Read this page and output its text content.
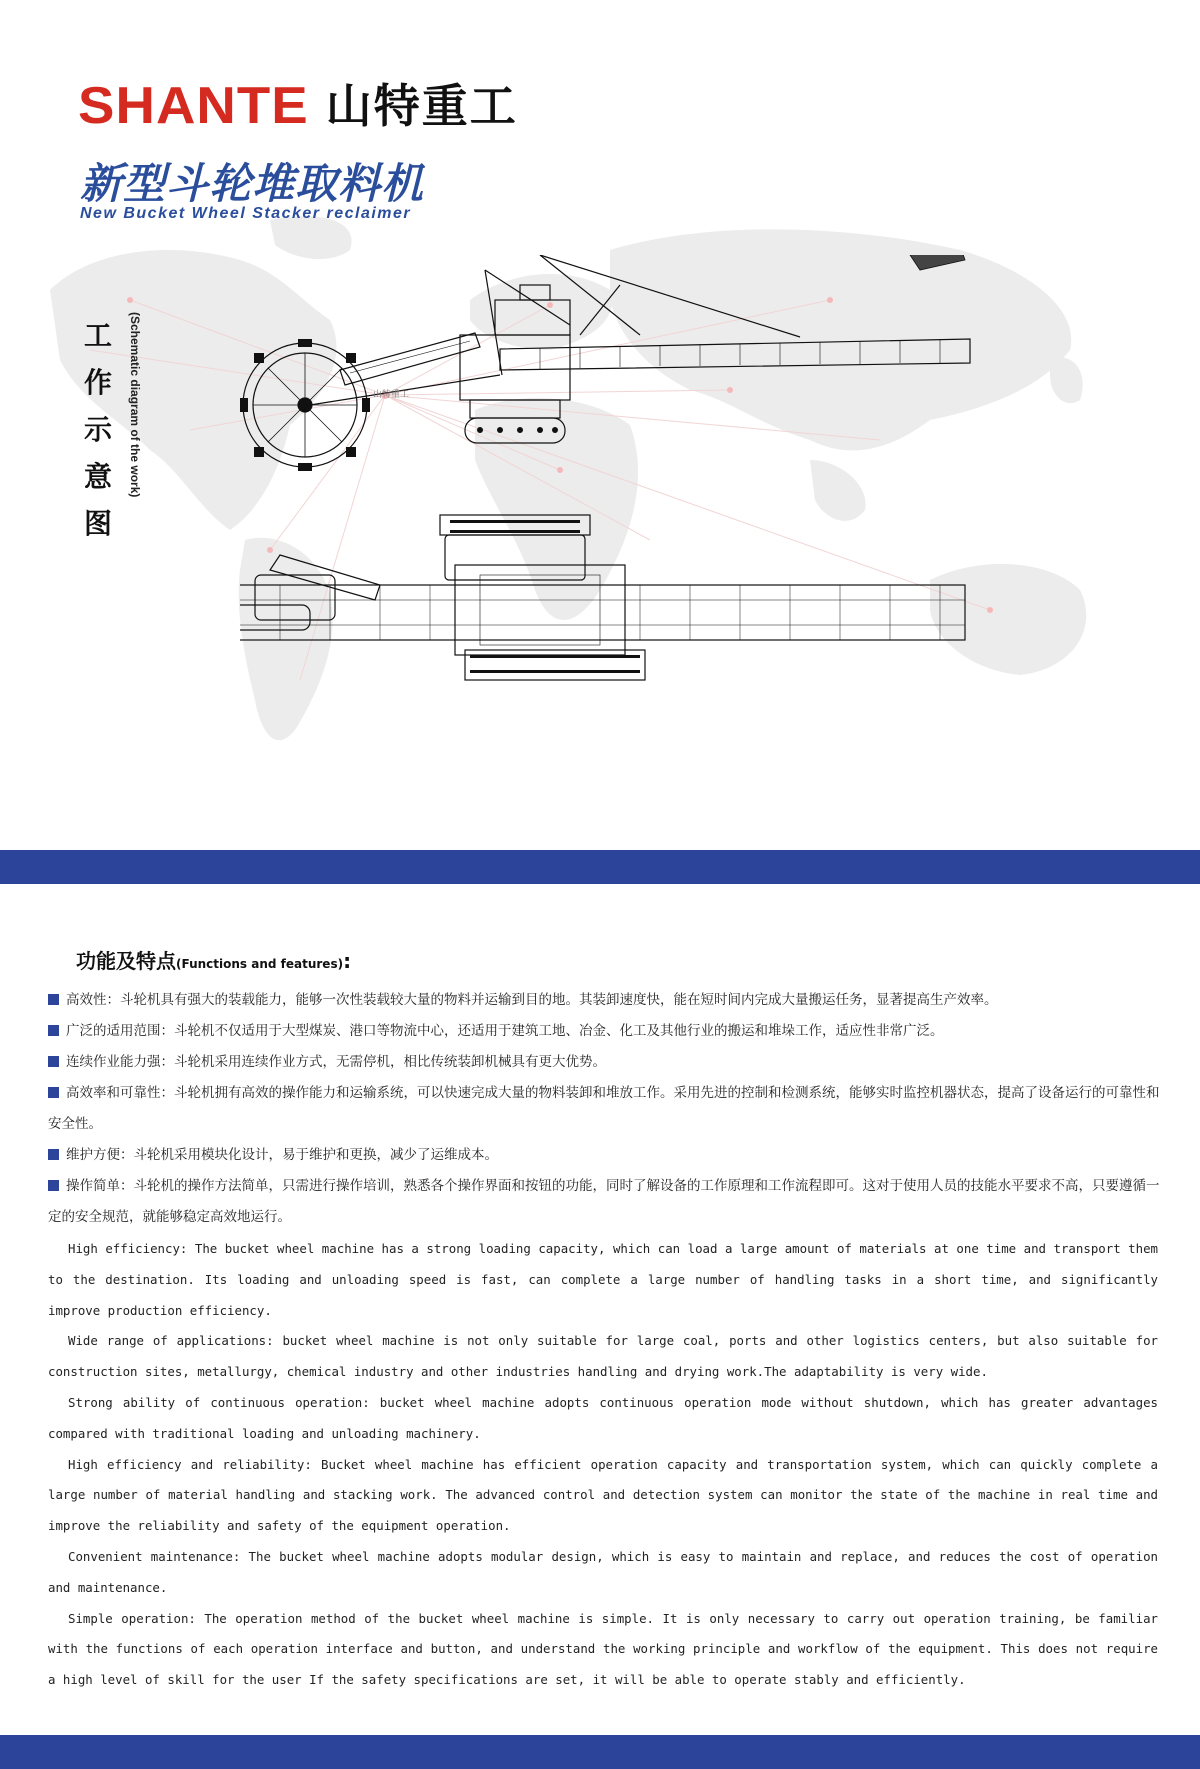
SHANTE 山特重工
新型斗轮堆取料机
New Bucket Wheel Stacker reclaimer
工
作
示
意
图
(Schematic diagram of the work)	山特重工
功能及特点(Functions and features):
高效性：斗轮机具有强大的装载能力，能够一次性装载较大量的物料并运输到目的地。其装卸速度快，能在短时间内完成大量搬运任务，显著提高生产效率。
广泛的适用范围：斗轮机不仅适用于大型煤炭、港口等物流中心，还适用于建筑工地、冶金、化工及其他行业的搬运和堆垛工作，适应性非常广泛。
连续作业能力强：斗轮机采用连续作业方式，无需停机，相比传统装卸机械具有更大优势。
高效率和可靠性：斗轮机拥有高效的操作能力和运输系统，可以快速完成大量的物料装卸和堆放工作。采用先进的控制和检测系统，能够实时监控机器状态，提高了设备运行的可靠性和安全性。
维护方便：斗轮机采用模块化设计，易于维护和更换，减少了运维成本。
操作简单：斗轮机的操作方法简单，只需进行操作培训，熟悉各个操作界面和按钮的功能，同时了解设备的工作原理和工作流程即可。这对于使用人员的技能水平要求不高，只要遵循一定的安全规范，就能够稳定高效地运行。

High efficiency: The bucket wheel machine has a strong loading capacity, which can load a large amount of materials at one time and transport them to the destination. Its loading and unloading speed is fast, can complete a large number of handling tasks in a short time, and significantly improve production efficiency.

Wide range of applications: bucket wheel machine is not only suitable for large coal, ports and other logistics centers, but also suitable for construction sites, metallurgy, chemical industry and other industries handling and drying work.The adaptability is very wide.

Strong ability of continuous operation: bucket wheel machine adopts continuous operation mode without shutdown, which has greater advantages compared with traditional loading and unloading machinery.

High efficiency and reliability: Bucket wheel machine has efficient operation capacity and transportation system, which can quickly complete a large number of material handling and stacking work. The advanced control and detection system can monitor the state of the machine in real time and improve the reliability and safety of the equipment operation.

Convenient maintenance: The bucket wheel machine adopts modular design, which is easy to maintain and replace, and reduces the cost of operation and maintenance.

Simple operation: The operation method of the bucket wheel machine is simple. It is only necessary to carry out operation training, be familiar with the functions of each operation interface and button, and understand the working principle and workflow of the equipment. This does not require a high level of skill for the user If the safety specifications are set, it will be able to operate stably and efficiently.
